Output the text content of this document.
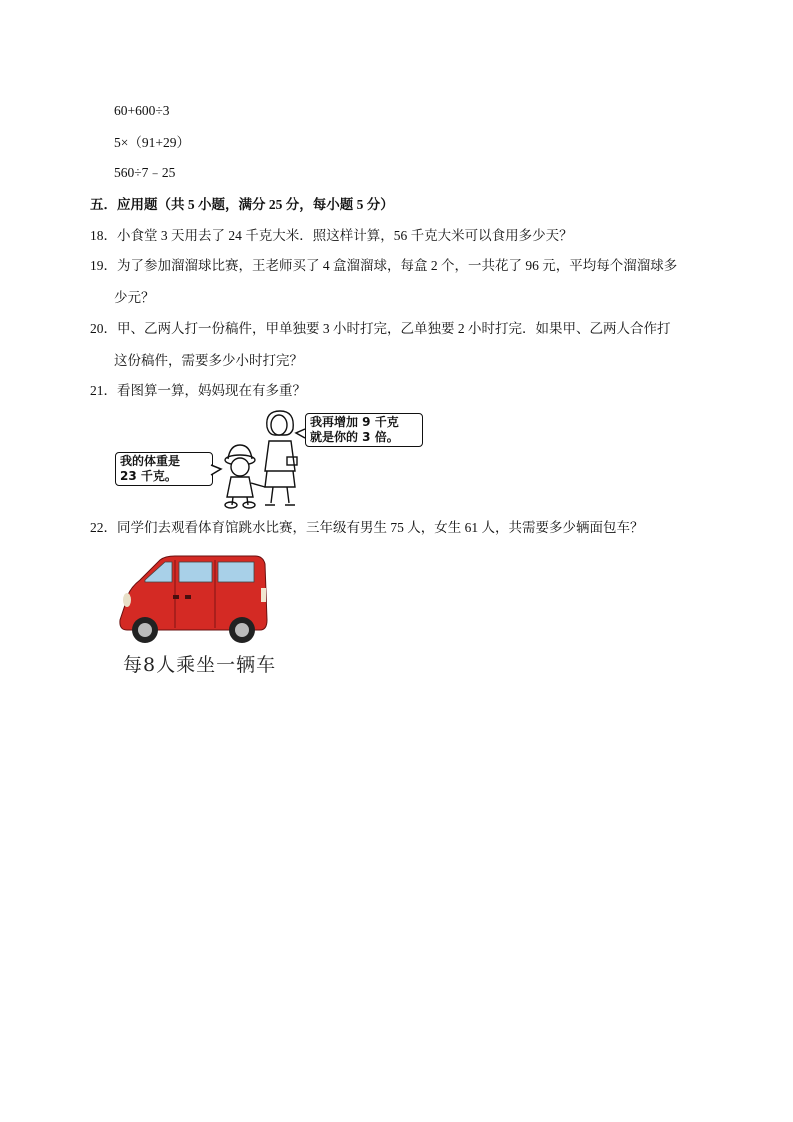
60+600÷3
5×（91+29）
560÷7﹣25
五．应用题（共 5 小题，满分 25 分，每小题 5 分）
18．小食堂 3 天用去了 24 千克大米．照这样计算，56 千克大米可以食用多少天？
19．为了参加溜溜球比赛，王老师买了 4 盒溜溜球，每盒 2 个，一共花了 96 元，平均每个溜溜球多
少元？
20．甲、乙两人打一份稿件，甲单独要 3 小时打完，乙单独要 2 小时打完．如果甲、乙两人合作打
这份稿件，需要多少小时打完？
21．看图算一算，妈妈现在有多重？
我的体重是
23 千克。
我再增加 9 千克
就是你的 3 倍。
22．同学们去观看体育馆跳水比赛，三年级有男生 75 人，女生 61 人，共需要多少辆面包车？
每8人乘坐一辆车
